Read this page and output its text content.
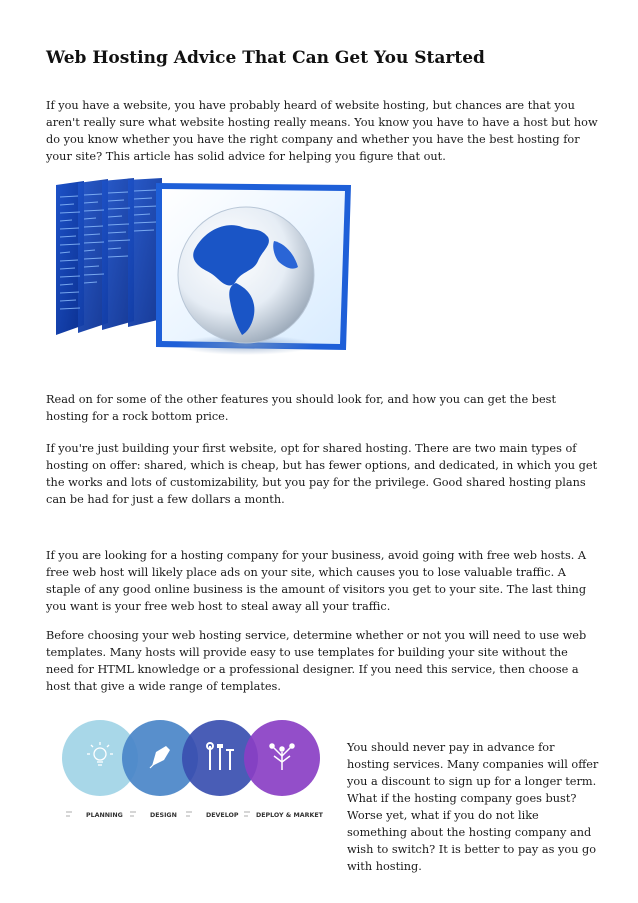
Web Hosting Advice That Can Get You Started

If you have a website, you have probably heard of website hosting, but chances are that you aren't really sure what website hosting really means. You know you have to have a host but how do you know whether you have the right company and whether you have the best hosting for your site? This article has solid advice for helping you figure that out.

Read on for some of the other features you should look for, and how you can get the best hosting for a rock bottom price.

If you're just building your first website, opt for shared hosting. There are two main types of hosting on offer: shared, which is cheap, but has fewer options, and dedicated, in which you get the works and lots of customizability, but you pay for the privilege. Good shared hosting plans can be had for just a few dollars a month.

If you are looking for a hosting company for your business, avoid going with free web hosts. A free web host will likely place ads on your site, which causes you to lose valuable traffic. A staple of any good online business is the amount of visitors you get to your site. The last thing you want is your free web host to steal away all your traffic.

Before choosing your web hosting service, determine whether or not you will need to use web templates. Many hosts will provide easy to use templates for building your site without the need for HTML knowledge or a professional designer. If you need this service, then choose a host that give a wide range of templates.

PLANNING	DESIGN	DEVELOP	DEPLOY & MARKET

You should never pay in advance for hosting services. Many companies will offer you a discount to sign up for a longer term. What if the hosting company goes bust? Worse yet, what if you do not like something about the hosting company and wish to switch? It is better to pay as you go with hosting.
